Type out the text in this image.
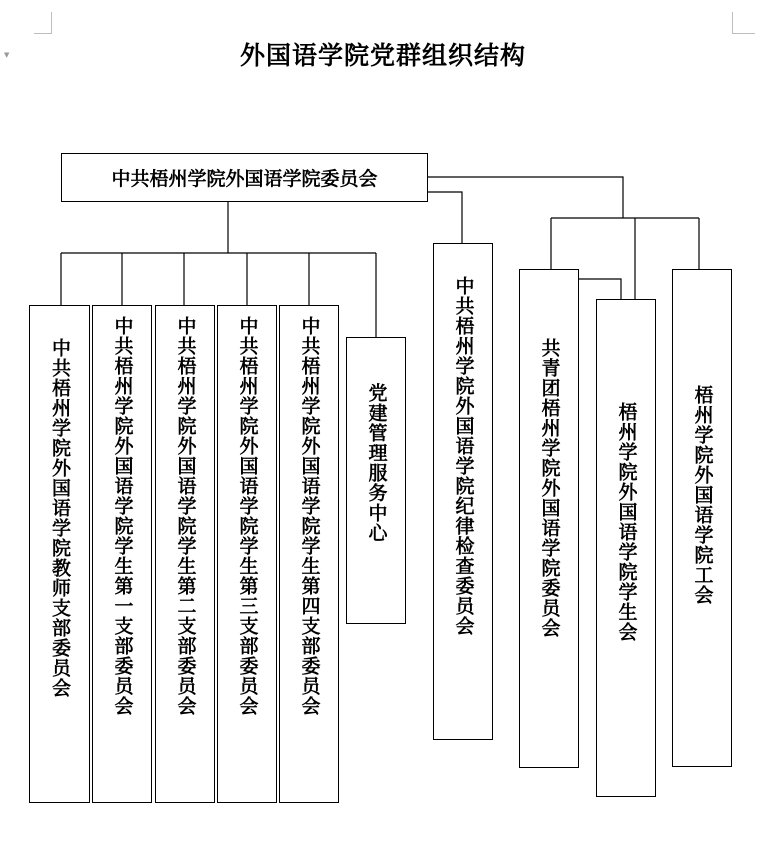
▼	外国语学院党群组织结构
中共梧州学院外国语学院委员会
中共梧州学院外国语学院教师支部委员会 中共梧州学院外国语学院学生第一支部委员会 中共梧州学院外国语学院学生第二支部委员会 中共梧州学院外国语学院学生第三支部委员会 中共梧州学院外国语学院学生第四支部委员会 党建管理服务中心	中共梧州学院外国语学院纪律检查委员会	共青团梧州学院外国语学院委员会	梧州学院外国语学院学生会	梧州学院外国语学院工会
